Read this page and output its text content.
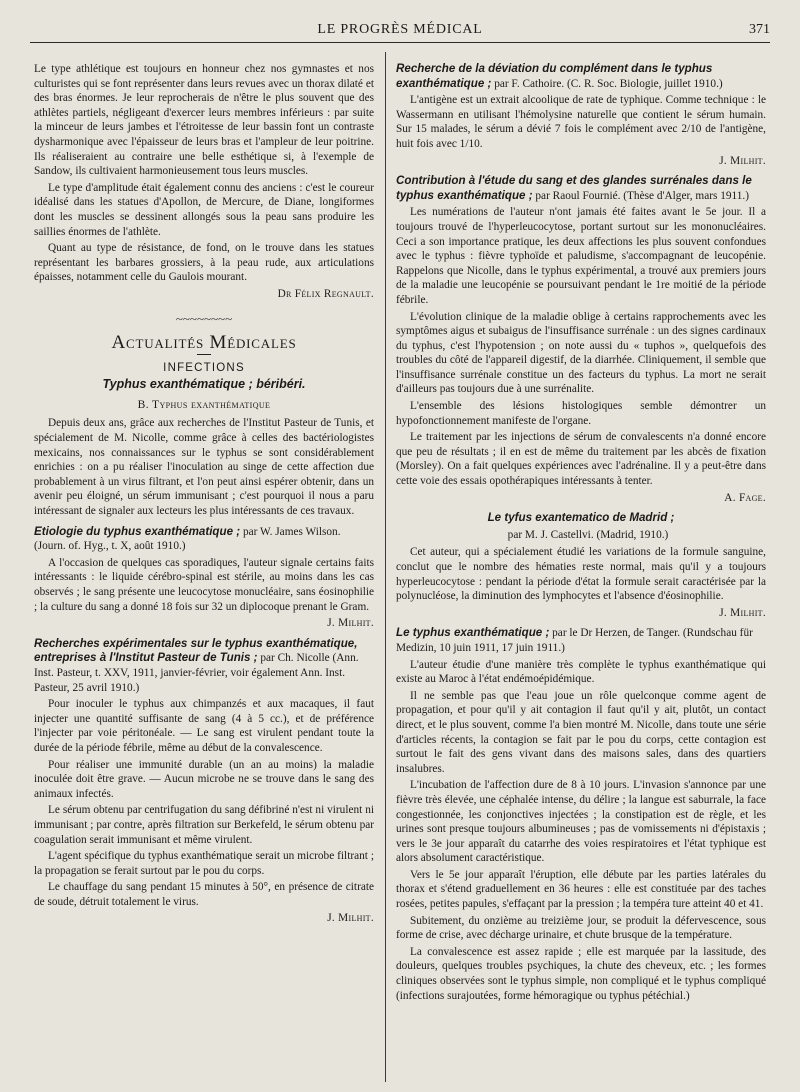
LE PROGRÈS MÉDICAL	371

Le type athlétique est toujours en honneur chez nos gymnastes et nos culturistes qui se font représenter dans leurs revues avec un thorax dilaté et des bras énormes. Je leur reprocherais de n'être le plus souvent que des athlètes partiels, négligeant d'exercer leurs membres inférieurs : par suite la minceur de leurs jambes et l'étroitesse de leur bassin font un contraste dysharmonique avec l'épaisseur de leurs bras et l'ampleur de leur poitrine. Ils réaliseraient au contraire une belle esthétique si, à l'exemple de Sandow, ils cultivaient harmonieusement tous leurs muscles.

Le type d'amplitude était également connu des anciens : c'est le coureur idéalisé dans les statues d'Apollon, de Mercure, de Diane, longiformes dont les muscles se dessinent allongés sous la peau sans produire les saillies énormes de l'athlète.

Quant au type de résistance, de fond, on le trouve dans les statues représentant les barbares grossiers, à la peau rude, aux articulations épaisses, notamment celle du Gaulois mourant.

Dr Félix Regnault.

~~~~~~~~
Actualités Médicales
INFECTIONS
Typhus exanthématique ; béribéri.
B. Typhus exanthématique

Depuis deux ans, grâce aux recherches de l'Institut Pasteur de Tunis, et spécialement de M. Nicolle, comme grâce à celles des bactériologistes mexicains, nos connaissances sur le typhus se sont considérablement enrichies : on a pu réaliser l'inoculation au singe de cette affection due probablement à un virus filtrant, et l'on peut ainsi espérer obtenir, dans un avenir peu éloigné, un sérum immunisant ; c'est pourquoi il nous a paru intéressant de signaler aux lecteurs les plus intéressants de ces travaux.

Etiologie du typhus exanthématique ; par W. James Wilson. (Journ. of. Hyg., t. X, août 1910.)

A l'occasion de quelques cas sporadiques, l'auteur signale certains faits intéressants : le liquide cérébro-spinal est stérile, au moins dans les cas observés ; le sang présente une leucocytose monucléaire, sans éosinophilie ; la culture du sang a donné 18 fois sur 32 un diplocoque prenant le Gram.

J. Milhit.

Recherches expérimentales sur le typhus exanthématique, entreprises à l'Institut Pasteur de Tunis ; par Ch. Nicolle (Ann. Inst. Pasteur, t. XXV, 1911, janvier-février, voir également Ann. Inst. Pasteur, 25 avril 1910.)

Pour inoculer le typhus aux chimpanzés et aux macaques, il faut injecter une quantité suffisante de sang (4 à 5 cc.), et de préférence l'injecter par voie péritonéale. — Le sang est virulent pendant toute la durée de la période fébrile, même au début de la convalescence.

Pour réaliser une immunité durable (un an au moins) la maladie inoculée doit être grave. — Aucun microbe ne se trouve dans le sang des animaux infectés.

Le sérum obtenu par centrifugation du sang défibriné n'est ni virulent ni immunisant ; par contre, après filtration sur Berkefeld, le sérum obtenu par coagulation serait immunisant et même virulent.

L'agent spécifique du typhus exanthématique serait un microbe filtrant ; la propagation se ferait surtout par le pou du corps.

Le chauffage du sang pendant 15 minutes à 50°, en présence de citrate de soude, détruit totalement le virus.

J. Milhit.

Recherche de la déviation du complément dans le typhus exanthématique ; par F. Cathoire. (C. R. Soc. Biologie, juillet 1910.)

L'antigène est un extrait alcoolique de rate de typhique. Comme technique : le Wassermann en utilisant l'hémolysine naturelle que contient le sérum humain. Sur 15 malades, le sérum a dévié 7 fois le complément avec 2/10 de l'antigène, huit fois avec 1/10.

J. Milhit.

Contribution à l'étude du sang et des glandes surrénales dans le typhus exanthématique ; par Raoul Fournié. (Thèse d'Alger, mars 1911.)

Les numérations de l'auteur n'ont jamais été faites avant le 5e jour. Il a toujours trouvé de l'hyperleucocytose, portant surtout sur les mononucléaires. Ceci a son importance pratique, les deux affections les plus souvent confondues avec le typhus : fièvre typhoïde et paludisme, s'accompagnant de leucopénie. Rappelons que Nicolle, dans le typhus expérimental, a trouvé aux premiers jours de la maladie une leucopénie se poursuivant pendant le 1re moitié de la période fébrile.

L'évolution clinique de la maladie oblige à certains rapprochements avec les symptômes aigus et subaigus de l'insuffisance surrénale : un des signes cardinaux du typhus, c'est l'hypotension ; on note aussi du « tuphos », quelquefois des troubles du côté de l'appareil digestif, de la diarrhée. Cliniquement, il semble que l'insuffisance surrénale constitue un des facteurs du typhus. La mort ne serait d'ailleurs pas toujours due à une surrénalite.

L'ensemble des lésions histologiques semble démontrer un hypofonctionnement manifeste de l'organe.

Le traitement par les injections de sérum de convalescents n'a donné encore que peu de résultats ; il en est de même du traitement par les abcès de fixation (Morsley). On a fait quelques expériences avec l'adrénaline. Il y a peut-être dans cette voie des essais opothérapiques intéressants à tenter.

A. Fage.

Le tyfus exantematico de Madrid ;

par M. J. Castellvi. (Madrid, 1910.)

Cet auteur, qui a spécialement étudié les variations de la formule sanguine, conclut que le nombre des hématies reste normal, mais qu'il y a toujours hyperleucocytose : pendant la période d'état la formule serait caractérisée par la polynucléose, la diminution des lymphocytes et l'absence d'éosinophilie.

J. Milhit.

Le typhus exanthématique ; par le Dr Herzen, de Tanger. (Rundschau für Medizin, 10 juin 1911, 17 juin 1911.)

L'auteur étudie d'une manière très complète le typhus exanthématique qui existe au Maroc à l'état endémoépidémique.

Il ne semble pas que l'eau joue un rôle quelconque comme agent de propagation, et pour qu'il y ait contagion il faut qu'il y ait, plutôt, un contact direct, et le plus souvent, comme l'a bien montré M. Nicolle, dans toute une série d'articles récents, la contagion se fait par le pou du corps, cette contagion est surtout le fait des gens vivant dans des maisons sales, dans des quartiers insalubres.

L'incubation de l'affection dure de 8 à 10 jours. L'invasion s'annonce par une fièvre très élevée, une céphalée intense, du délire ; la langue est saburrale, la face congestionnée, les conjonctives injectées ; la constipation est de règle, et les urines sont presque toujours albumineuses ; pas de vomissements ni d'épistaxis ; vers le 3e jour apparaît du catarrhe des voies respiratoires et l'état typhique est alors absolument caractéristique.

Vers le 5e jour apparaît l'éruption, elle débute par les parties latérales du thorax et s'étend graduellement en 36 heures : elle est constituée par des taches rosées, petites papules, s'effaçant par la pression ; la tempéra ture atteint 40 et 41.

Subitement, du onzième au treizième jour, se produit la défervescence, sous forme de crise, avec décharge urinaire, et chute brusque de la température.

La convalescence est assez rapide ; elle est marquée par la lassitude, des douleurs, quelques troubles psychiques, la chute des cheveux, etc. ; les formes cliniques observées sont le typhus simple, non compliqué et le typhus compliqué (infections surajoutées, forme hémoragique ou typhus pétéchial.)
